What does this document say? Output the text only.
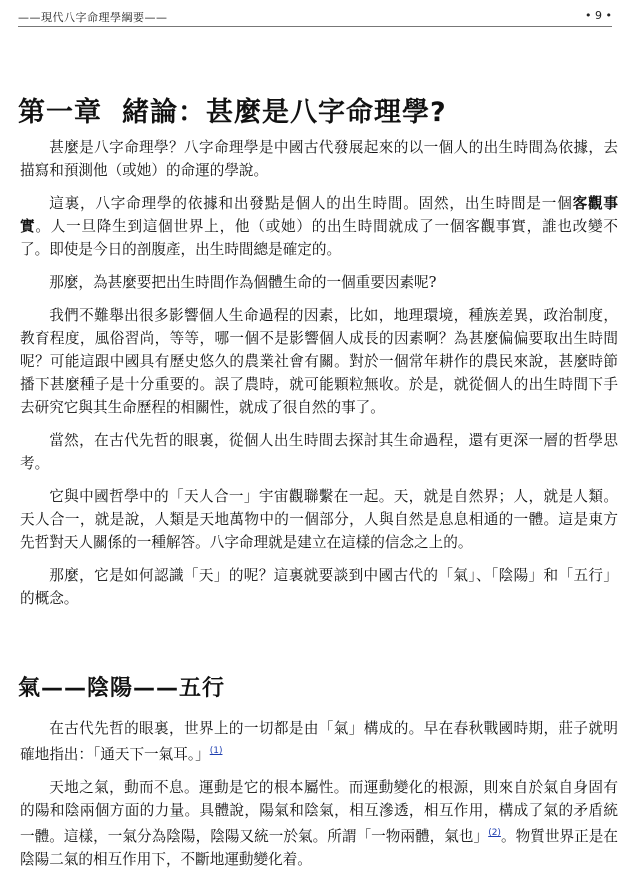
——現代八字命理學綱要——	• 9 •
第一章 緒論：甚麼是八字命理學?

甚麼是八字命理學？八字命理學是中國古代發展起來的以一個人的出生時間為依據，去描寫和預測他（或她）的命運的學說。

這裏，八字命理學的依據和出發點是個人的出生時間。固然，出生時間是一個客觀事實。人一旦降生到這個世界上，他（或她）的出生時間就成了一個客觀事實，誰也改變不了。即使是今日的剖腹產，出生時間總是確定的。

那麼，為甚麼要把出生時間作為個體生命的一個重要因素呢?

我們不難舉出很多影響個人生命過程的因素，比如，地理環境，種族差異，政治制度，教育程度，風俗習尚，等等，哪一個不是影響個人成長的因素啊？為甚麼偏偏要取出生時間呢？可能這跟中國具有歷史悠久的農業社會有關。對於一個常年耕作的農民來說，甚麼時節播下甚麼種子是十分重要的。誤了農時，就可能顆粒無收。於是，就從個人的出生時間下手去研究它與其生命歷程的相關性，就成了很自然的事了。

當然，在古代先哲的眼裏，從個人出生時間去探討其生命過程，還有更深一層的哲學思考。

它與中國哲學中的「天人合一」宇宙觀聯繫在一起。天，就是自然界；人，就是人類。天人合一，就是說，人類是天地萬物中的一個部分，人與自然是息息相通的一體。這是東方先哲對天人關係的一種解答。八字命理就是建立在這樣的信念之上的。

那麼，它是如何認識「天」的呢？這裏就要談到中國古代的「氣」、「陰陽」和「五行」的概念。

氣——陰陽——五行

在古代先哲的眼裏，世界上的一切都是由「氣」構成的。早在春秋戰國時期，莊子就明確地指出：「通天下一氣耳。」$^{(1)}$

天地之氣，動而不息。運動是它的根本屬性。而運動變化的根源，則來自於氣自身固有的陽和陰兩個方面的力量。具體說，陽氣和陰氣，相互滲透，相互作用，構成了氣的矛盾統一體。這樣，一氣分為陰陽，陰陽又統一於氣。所謂「一物兩體，氣也」$^{(2)}$。物質世界正是在陰陽二氣的相互作用下，不斷地運動變化着。
